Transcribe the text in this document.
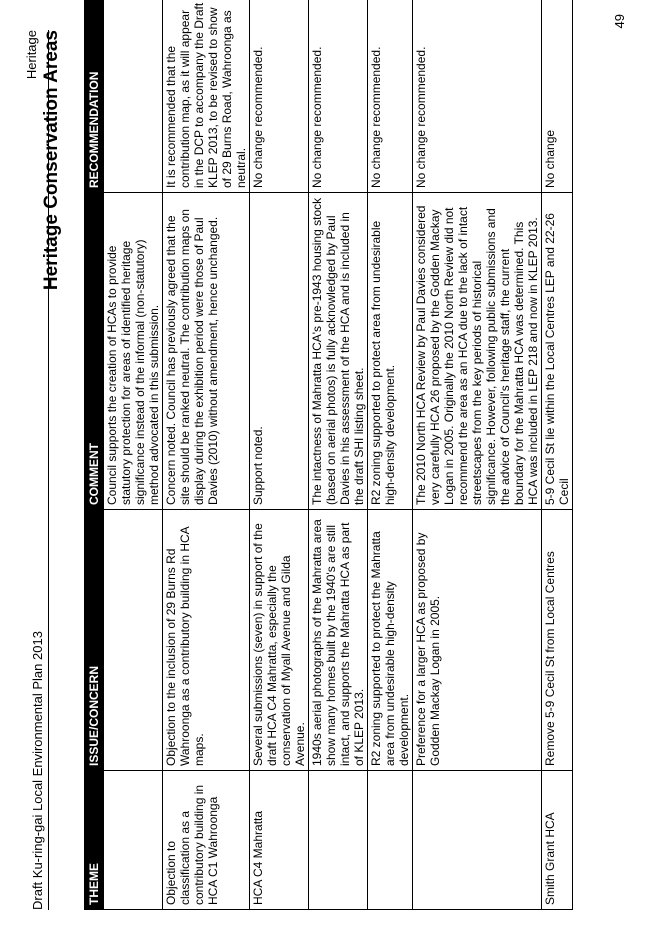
Draft Ku-ring-gai Local Environmental Plan 2013
Heritage Heritage Conservation Areas
THEME	ISSUE/CONCERN	COMMENT	RECOMMENDATION
		Council supports the creation of HCAs to provide statutory protection for areas of identified heritage significance instead of the informal (non-statutory) method advocated in this submission.	
Objection to classification as a contributory building in HCA C1 Wahroonga	Objection to the inclusion of 29 Burns Rd Wahroonga as a contributory building in HCA maps.	Concern noted. Council has previously agreed that the site should be ranked neutral. The contribution maps on display during the exhibition period were those of Paul Davies (2010) without amendment, hence unchanged.	It is recommended that the contribution map, as it will appear in the DCP to accompany the Draft KLEP 2013, to be revised to show of 29 Burns Road, Wahroonga as neutral.
HCA C4 Mahratta	Several submissions (seven) in support of the draft HCA C4 Mahratta, especially the conservation of Myall Avenue and Gilda Avenue.	Support noted.	No change recommended.
	1940s aerial photographs of the Mahratta area show many homes built by the 1940's are still intact, and supports the Mahratta HCA as part of KLEP 2013.	The intactness of Mahratta HCA's pre-1943 housing stock (based on aerial photos) is fully acknowledged by Paul Davies in his assessment of the HCA and is included in the draft SHI listing sheet.	No change recommended.
	R2 zoning supported to protect the Mahratta area from undesirable high-density development.	R2 zoning supported to protect area from undesirable high-density development.	No change recommended.
	Preference for a larger HCA as proposed by Godden Mackay Logan in 2005.	The 2010 North HCA Review by Paul Davies considered very carefully HCA 26 proposed by the Godden Mackay Logan in 2005. Originally the 2010 North Review did not recommend the area as an HCA due to the lack of intact streetscapes from the key periods of historical significance. However, following public submissions and the advice of Council's heritage staff, the current boundary for the Mahratta HCA was determined. This HCA was included in LEP 218 and now in KLEP 2013.	No change recommended.
Smith Grant HCA	Remove 5-9 Cecil St from Local Centres	5-9 Cecil St lie within the Local Centres LEP and 22-26 Cecil	No change
49
